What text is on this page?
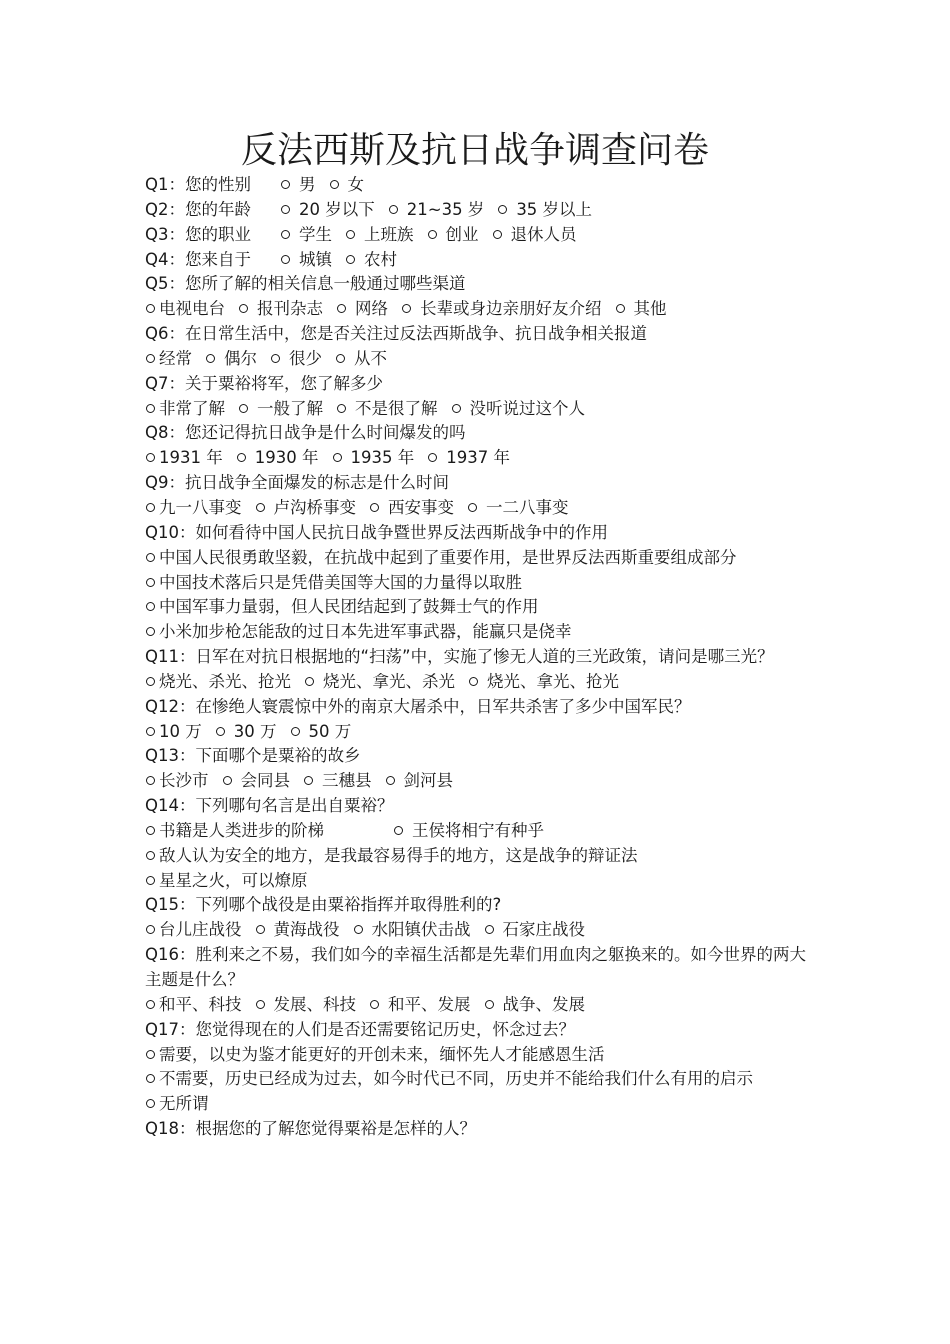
反法西斯及抗日战争调查问卷
Q1：您的性别	男 女
Q2：您的年龄	20 岁以下 21~35 岁 35 岁以上
Q3：您的职业	学生 上班族 创业 退休人员
Q4：您来自于	城镇 农村
Q5：您所了解的相关信息一般通过哪些渠道
电视电台 报刊杂志 网络 长辈或身边亲朋好友介绍 其他
Q6：在日常生活中，您是否关注过反法西斯战争、抗日战争相关报道
经常 偶尔 很少 从不
Q7：关于粟裕将军，您了解多少
非常了解 一般了解 不是很了解 没听说过这个人
Q8：您还记得抗日战争是什么时间爆发的吗
1931 年 1930 年 1935 年 1937 年
Q9：抗日战争全面爆发的标志是什么时间
九一八事变 卢沟桥事变 西安事变 一二八事变
Q10：如何看待中国人民抗日战争暨世界反法西斯战争中的作用
中国人民很勇敢坚毅，在抗战中起到了重要作用，是世界反法西斯重要组成部分
中国技术落后只是凭借美国等大国的力量得以取胜
中国军事力量弱，但人民团结起到了鼓舞士气的作用
小米加步枪怎能敌的过日本先进军事武器，能赢只是侥幸
Q11：日军在对抗日根据地的“扫荡”中，实施了惨无人道的三光政策，请问是哪三光？
烧光、杀光、抢光 烧光、拿光、杀光 烧光、拿光、抢光
Q12：在惨绝人寰震惊中外的南京大屠杀中，日军共杀害了多少中国军民？
10 万 30 万 50 万
Q13：下面哪个是粟裕的故乡
长沙市 会同县 三穗县 剑河县
Q14：下列哪句名言是出自粟裕？
书籍是人类进步的阶梯	王侯将相宁有种乎
敌人认为安全的地方，是我最容易得手的地方，这是战争的辩证法
星星之火，可以燎原
Q15：下列哪个战役是由粟裕指挥并取得胜利的?
台儿庄战役 黄海战役 水阳镇伏击战 石家庄战役
Q16：胜利来之不易，我们如今的幸福生活都是先辈们用血肉之躯换来的。如今世界的两大主题是什么？
和平、科技 发展、科技 和平、发展 战争、发展
Q17：您觉得现在的人们是否还需要铭记历史，怀念过去？
需要，以史为鉴才能更好的开创未来，缅怀先人才能感恩生活
不需要，历史已经成为过去，如今时代已不同，历史并不能给我们什么有用的启示
无所谓
Q18：根据您的了解您觉得粟裕是怎样的人？
